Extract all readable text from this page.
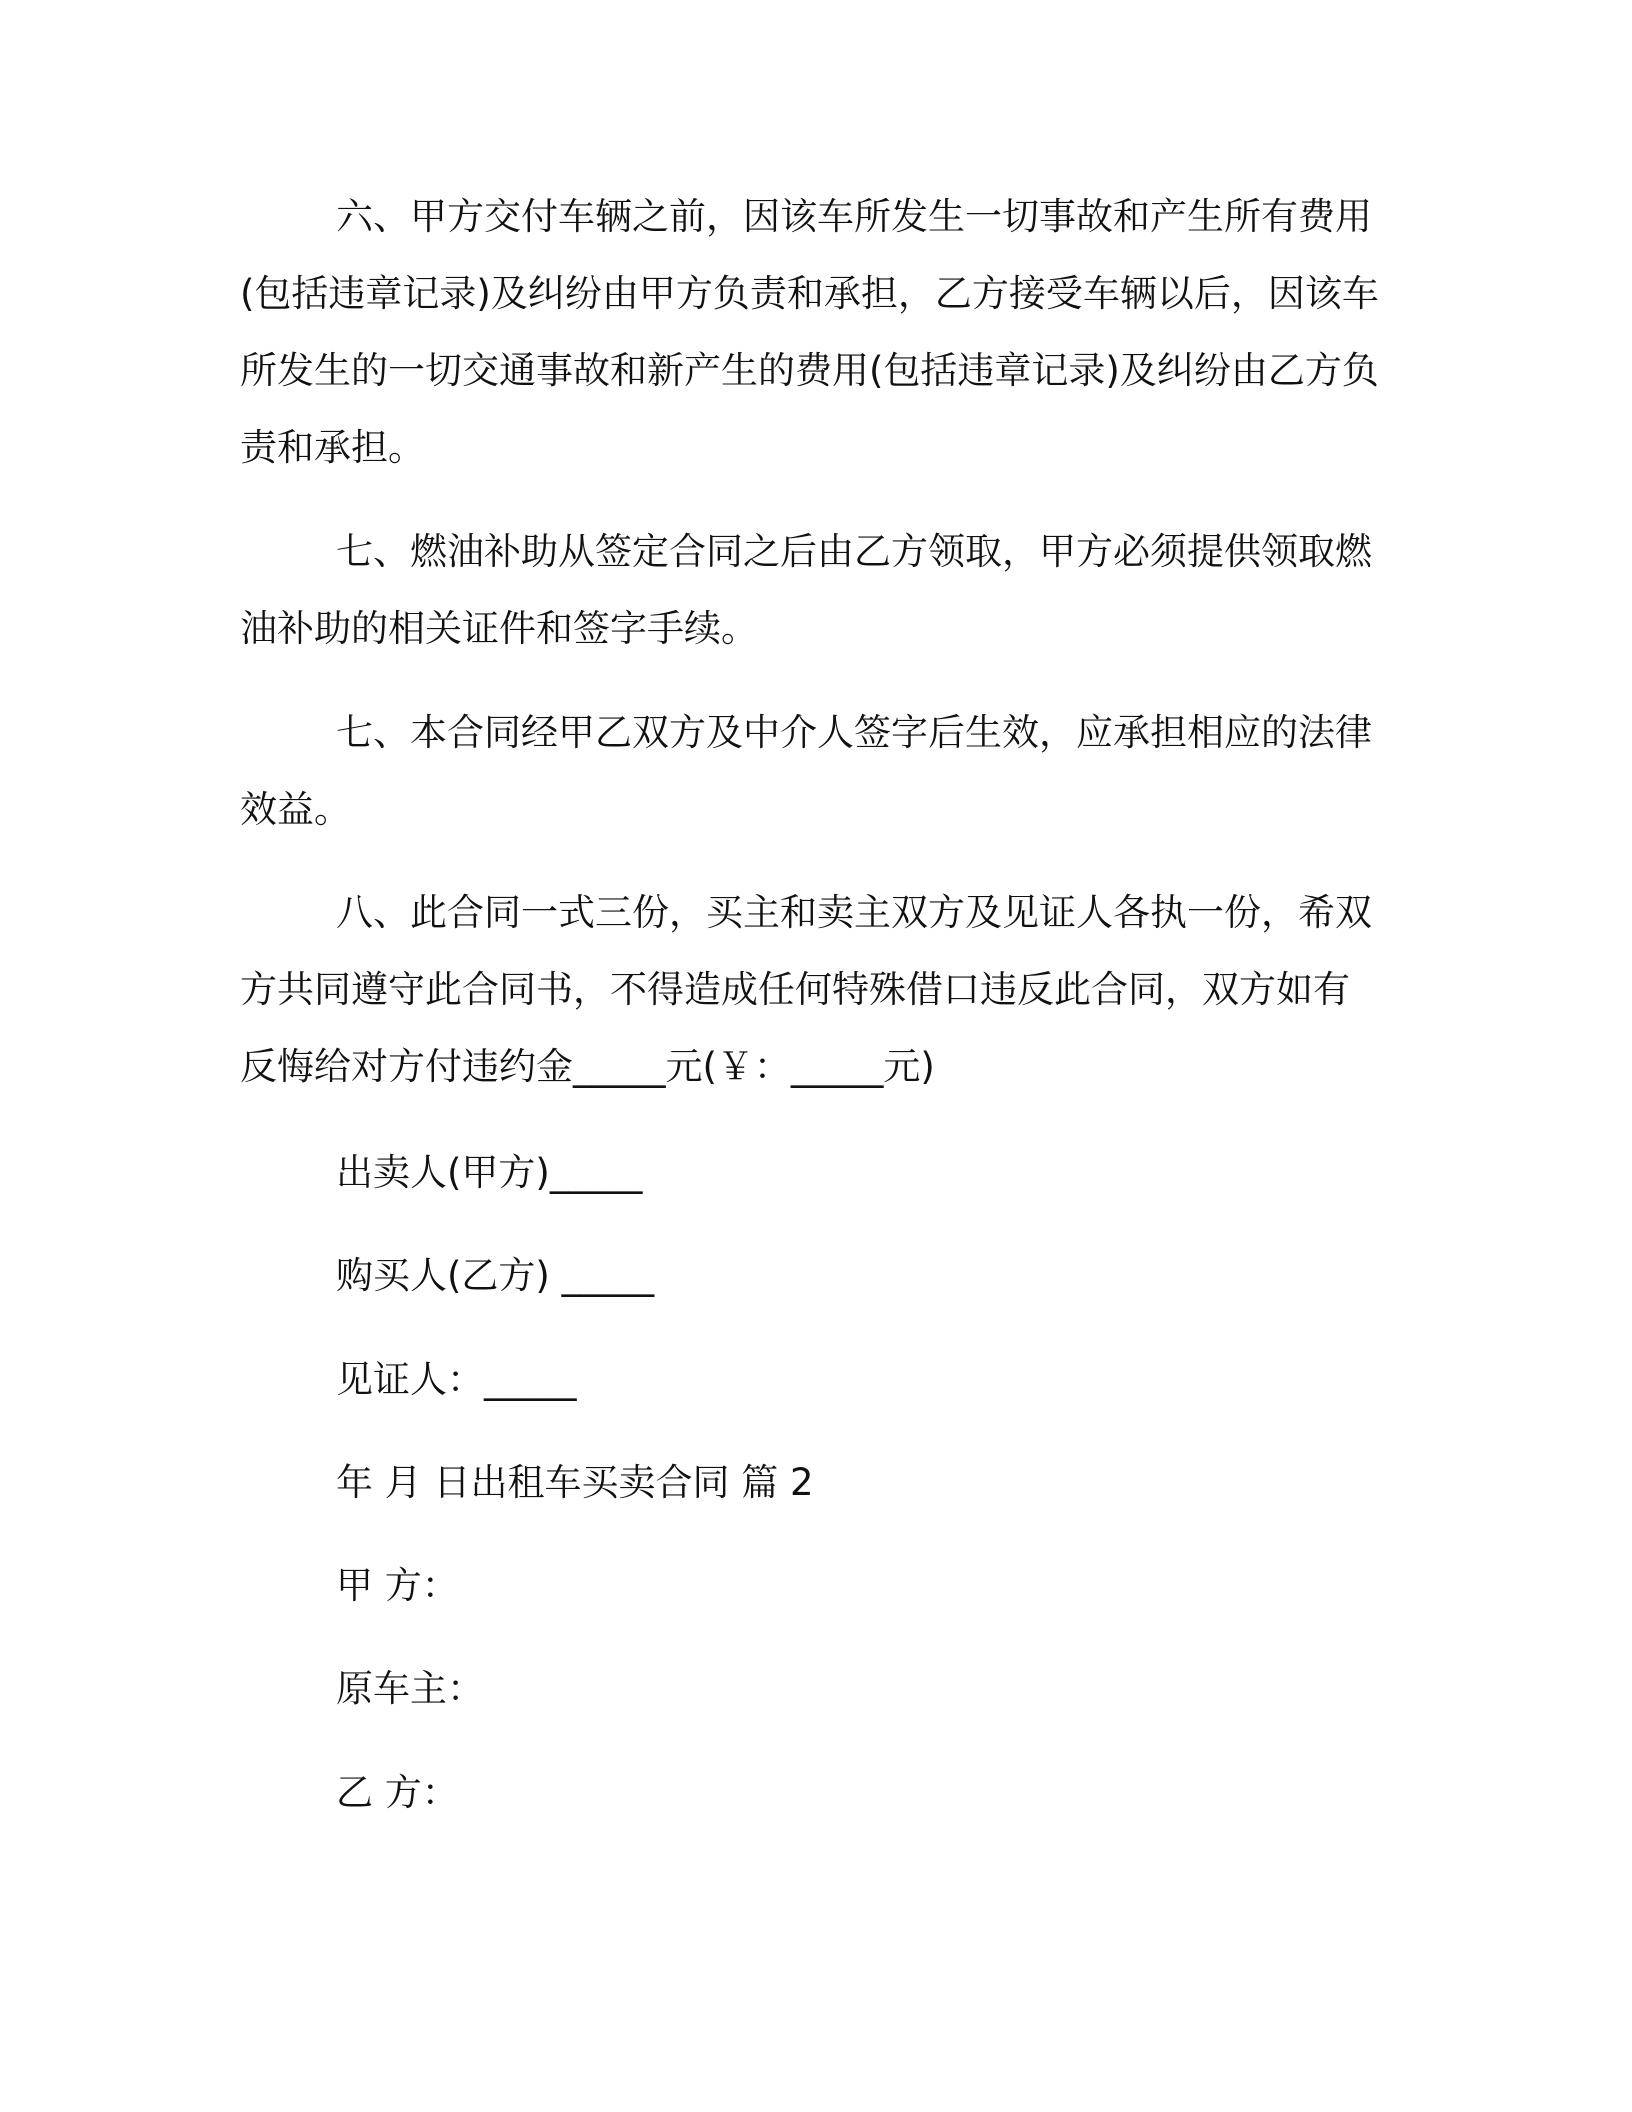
六、甲方交付车辆之前，因该车所发生一切事故和产生所有费用
(包括违章记录)及纠纷由甲方负责和承担，乙方接受车辆以后，因该车
所发生的一切交通事故和新产生的费用(包括违章记录)及纠纷由乙方负
责和承担。

七、燃油补助从签定合同之后由乙方领取，甲方必须提供领取燃
油补助的相关证件和签字手续。

七、本合同经甲乙双方及中介人签字后生效，应承担相应的法律
效益。

八、此合同一式三份，买主和卖主双方及见证人各执一份，希双
方共同遵守此合同书，不得造成任何特殊借口违反此合同，双方如有
反悔给对方付违约金_____元(￥：_____元)

出卖人(甲方)_____

购买人(乙方) _____

见证人：_____

年 月 日出租车买卖合同 篇 2

甲 方：

原车主：

乙 方：
